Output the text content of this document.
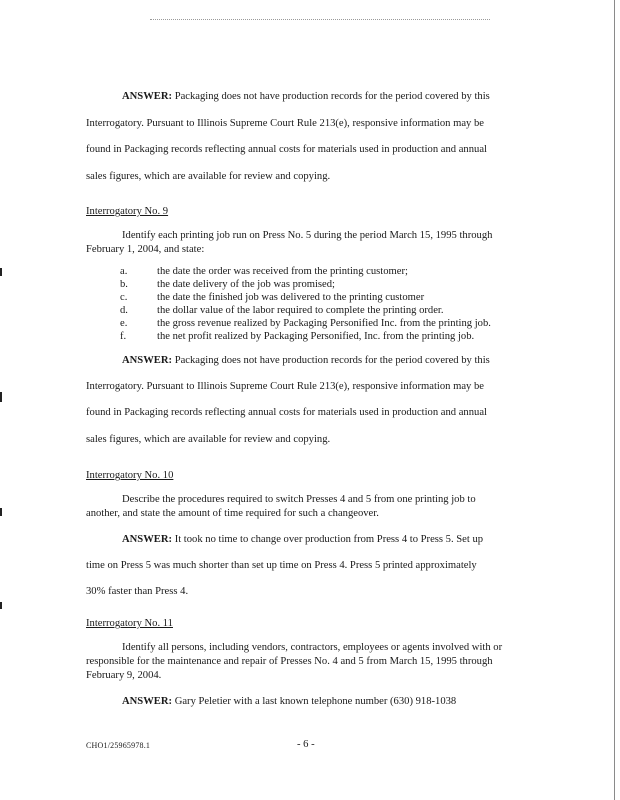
ANSWER: Packaging does not have production records for the period covered by this
Interrogatory. Pursuant to Illinois Supreme Court Rule 213(e), responsive information may be
found in Packaging records reflecting annual costs for materials used in production and annual
sales figures, which are available for review and copying.
Interrogatory No. 9
Identify each printing job run on Press No. 5 during the period March 15, 1995 through
February 1, 2004, and state:
a.	the date the order was received from the printing customer;
b.	the date delivery of the job was promised;
c.	the date the finished job was delivered to the printing customer
d.	the dollar value of the labor required to complete the printing order.
e.	the gross revenue realized by Packaging Personified Inc. from the printing job.
f.	the net profit realized by Packaging Personified, Inc. from the printing job.
ANSWER: Packaging does not have production records for the period covered by this
Interrogatory. Pursuant to Illinois Supreme Court Rule 213(e), responsive information may be
found in Packaging records reflecting annual costs for materials used in production and annual
sales figures, which are available for review and copying.
Interrogatory No. 10
Describe the procedures required to switch Presses 4 and 5 from one printing job to
another, and state the amount of time required for such a changeover.
ANSWER: It took no time to change over production from Press 4 to Press 5. Set up
time on Press 5 was much shorter than set up time on Press 4. Press 5 printed approximately
30% faster than Press 4.
Interrogatory No. 11
Identify all persons, including vendors, contractors, employees or agents involved with or
responsible for the maintenance and repair of Presses No. 4 and 5 from March 15, 1995 through
February 9, 2004.
ANSWER: Gary Peletier with a last known telephone number (630) 918-1038
CHO1/25965978.1	- 6 -
